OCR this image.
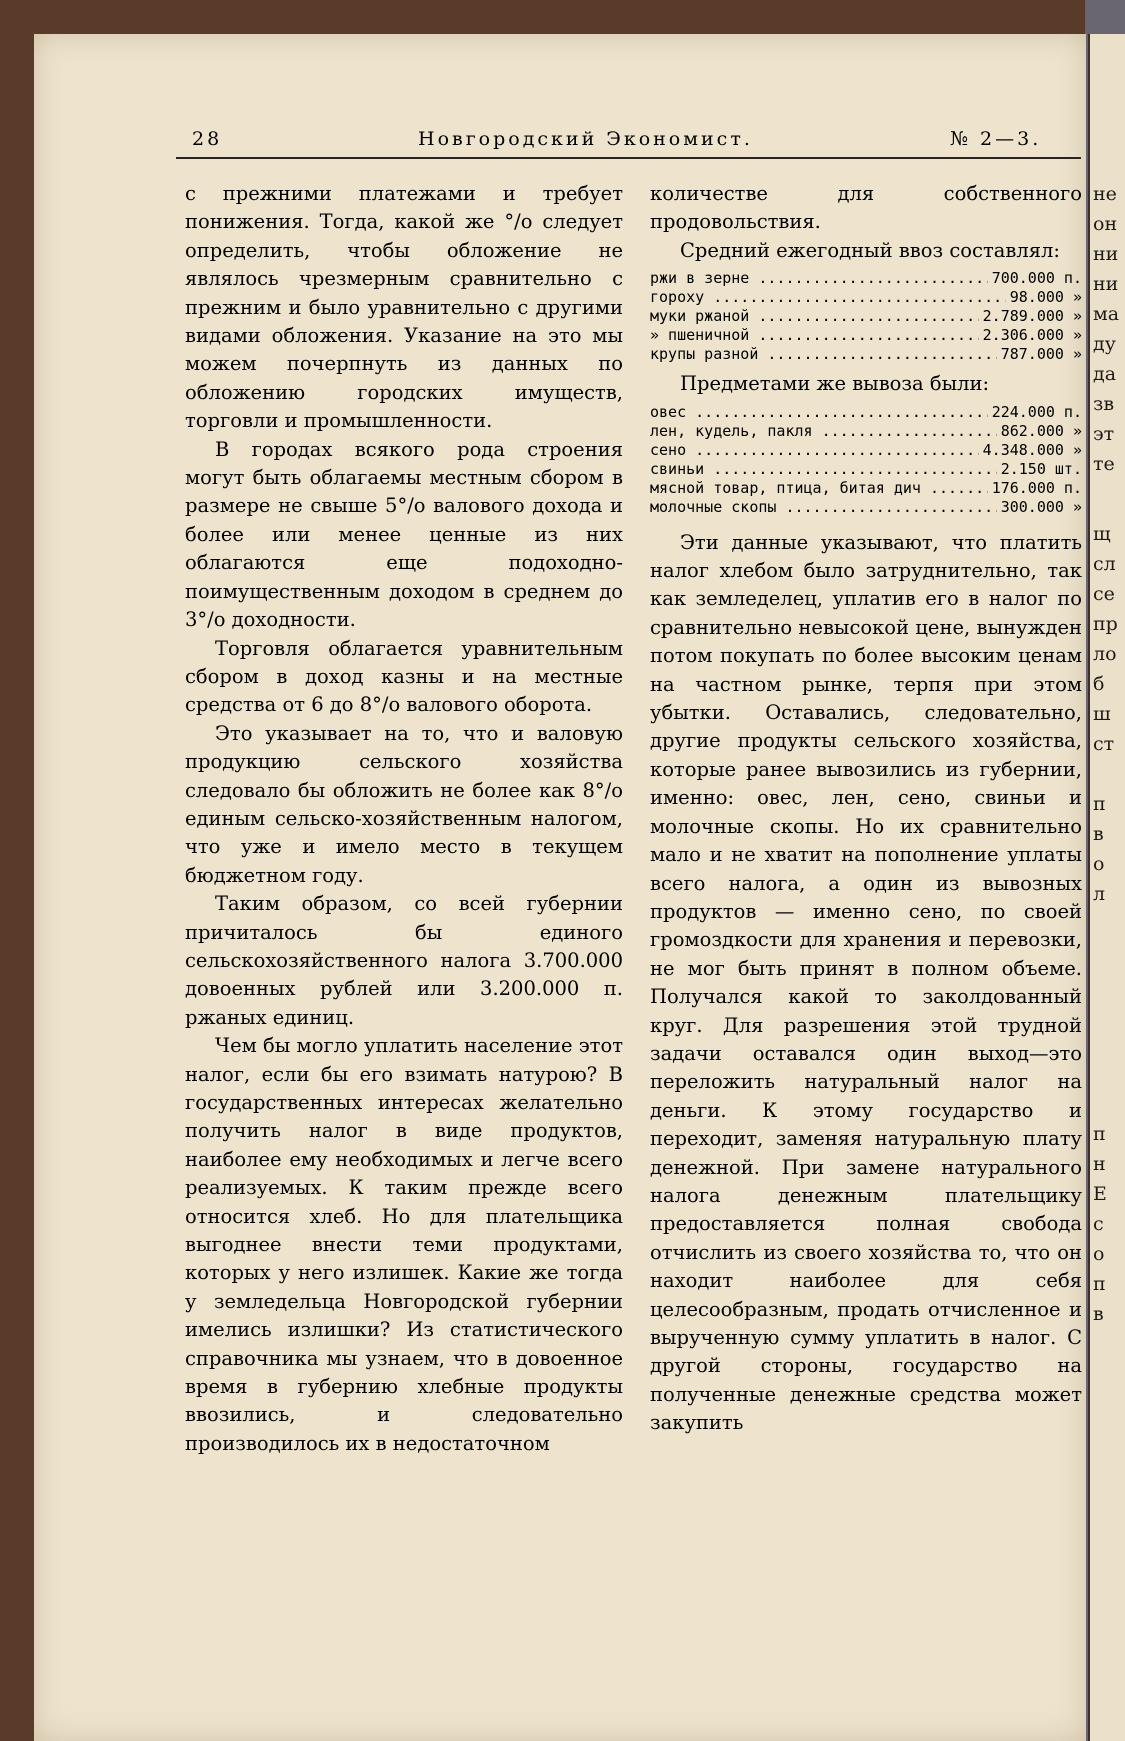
не
он
ни
ни
ма
ду
да
зв
эт
те
щ
сл
се
пр
ло
б
ш
ст
п
в
о
л
п
н
Е
с
о
п
в
28	Новгородский Экономист.	№ 2—3.

с прежними платежами и требует понижения. Тогда, какой же °/о следует определить, чтобы обложение не являлось чрезмерным сравнительно с прежним и было уравнительно с другими видами обложения. Указание на это мы можем почерпнуть из данных по обложению городских имуществ, торговли и промышленности.

В городах всякого рода строения могут быть облагаемы местным сбором в размере не свыше 5°/о валового дохода и более или менее ценные из них облагаются еще подоходно-поимущественным доходом в среднем до 3°/о доходности.

Торговля облагается уравнительным сбором в доход казны и на местные средства от 6 до 8°/о валового оборота.

Это указывает на то, что и валовую продукцию сельского хозяйства следовало бы обложить не более как 8°/о единым сельско-хозяйственным налогом, что уже и имело место в текущем бюджетном году.

Таким образом, со всей губернии причиталось бы единого сельскохозяйственного налога 3.700.000 довоенных рублей или 3.200.000 п. ржаных единиц.

Чем бы могло уплатить население этот налог, если бы его взимать натурою? В государственных интересах желательно получить налог в виде продуктов, наиболее ему необходимых и легче всего реализуемых. К таким прежде всего относится хлеб. Но для плательщика выгоднее внести теми продуктами, которых у него излишек. Какие же тогда у земледельца Новгородской губернии имелись излишки? Из статистического справочника мы узнаем, что в довоенное время в губернию хлебные продукты ввозились, и следовательно производилось их в недостаточном

количестве для собственного продовольствия.

Средний ежегодный ввоз составлял:

ржи в зерне .....	700.000 п.
гороху .....	98.000 »
муки ржаной .....	2.789.000 »
» пшеничной .....	2.306.000 »
крупы разной .....	787.000 »

Предметами же вывоза были:

овес .....	224.000 п.
лен, кудель, пакля .....	862.000 »
сено .....	4.348.000 »
свиньи .....	2.150 шт.
мясной товар, птица, битая дич .....	176.000 п.
молочные скопы .....	300.000 »

Эти данные указывают, что платить налог хлебом было затруднительно, так как земледелец, уплатив его в налог по сравнительно невысокой цене, вынужден потом покупать по более высоким ценам на частном рынке, терпя при этом убытки. Оставались, следовательно, другие продукты сельского хозяйства, которые ранее вывозились из губернии, именно: овес, лен, сено, свиньи и молочные скопы. Но их сравнительно мало и не хватит на пополнение уплаты всего налога, а один из вывозных продуктов — именно сено, по своей громоздкости для хранения и перевозки, не мог быть принят в полном объеме. Получался какой то заколдованный круг. Для разрешения этой трудной задачи оставался один выход—это переложить натуральный налог на деньги. К этому государство и переходит, заменяя натуральную плату денежной. При замене натурального налога денежным плательщику предоставляется полная свобода отчислить из своего хозяйства то, что он находит наиболее для себя целесообразным, продать отчисленное и вырученную сумму уплатить в налог. С другой стороны, государство на полученные денежные средства может закупить
